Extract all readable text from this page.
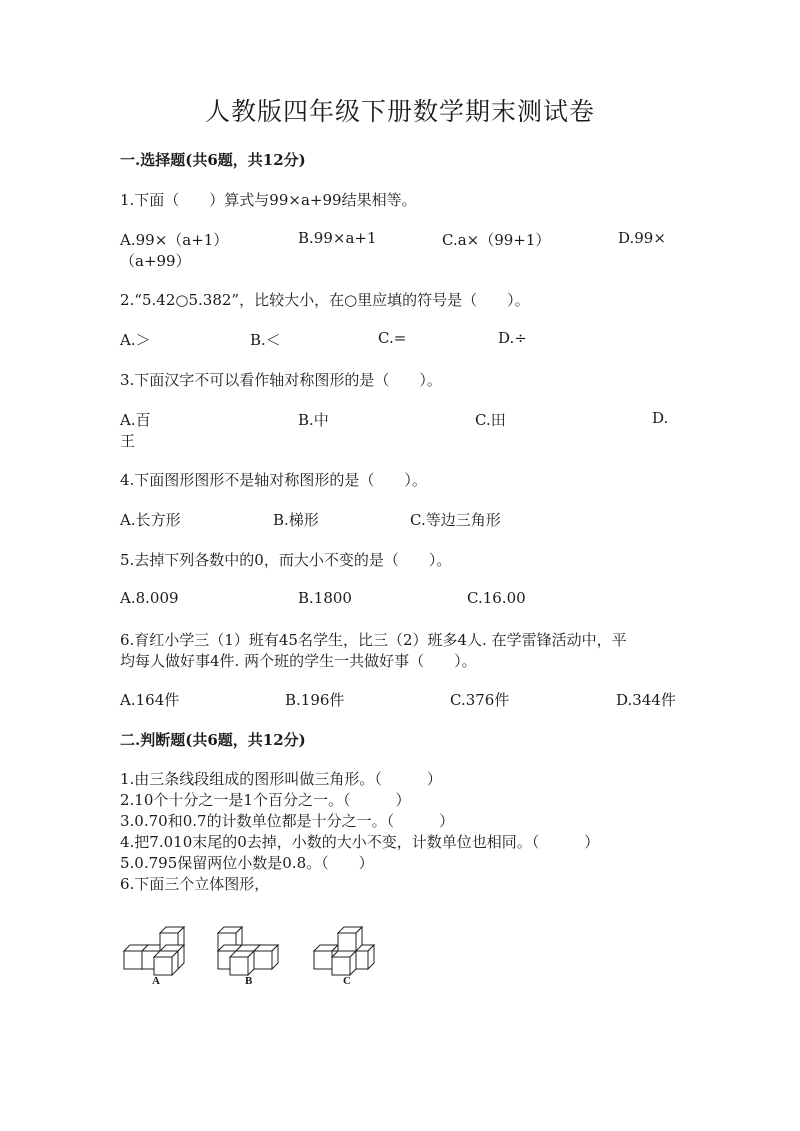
人教版四年级下册数学期末测试卷
一.选择题(共6题，共12分)
1.下面（　　）算式与99×a+99结果相等。
A.99×（a+1）	B.99×a+1	C.a×（99+1）	D.99×
（a+99）
2.“5.42○5.382”，比较大小，在○里应填的符号是（　　）。
A.＞	B.＜	C.=	D.÷
3.下面汉字不可以看作轴对称图形的是（　　）。
A.百	B.中	C.田	D.
王
4.下面图形图形不是轴对称图形的是（　　）。
A.长方形	B.梯形	C.等边三角形
5.去掉下列各数中的0，而大小不变的是（　　）。
A.8.009	B.1800	C.16.00
6.育红小学三（1）班有45名学生，比三（2）班多4人. 在学雷锋活动中，平
均每人做好事4件. 两个班的学生一共做好事（　　）。
A.164件	B.196件	C.376件	D.344件
二.判断题(共6题，共12分)
1.由三条线段组成的图形叫做三角形。（　　　）
2.10个十分之一是1个百分之一。（　　　）
3.0.70和0.7的计数单位都是十分之一。（　　　）
4.把7.010末尾的0去掉，小数的大小不变，计数单位也相同。（　　　）
5.0.795保留两位小数是0.8。（　　）
6.下面三个立体图形，
A	B	C
